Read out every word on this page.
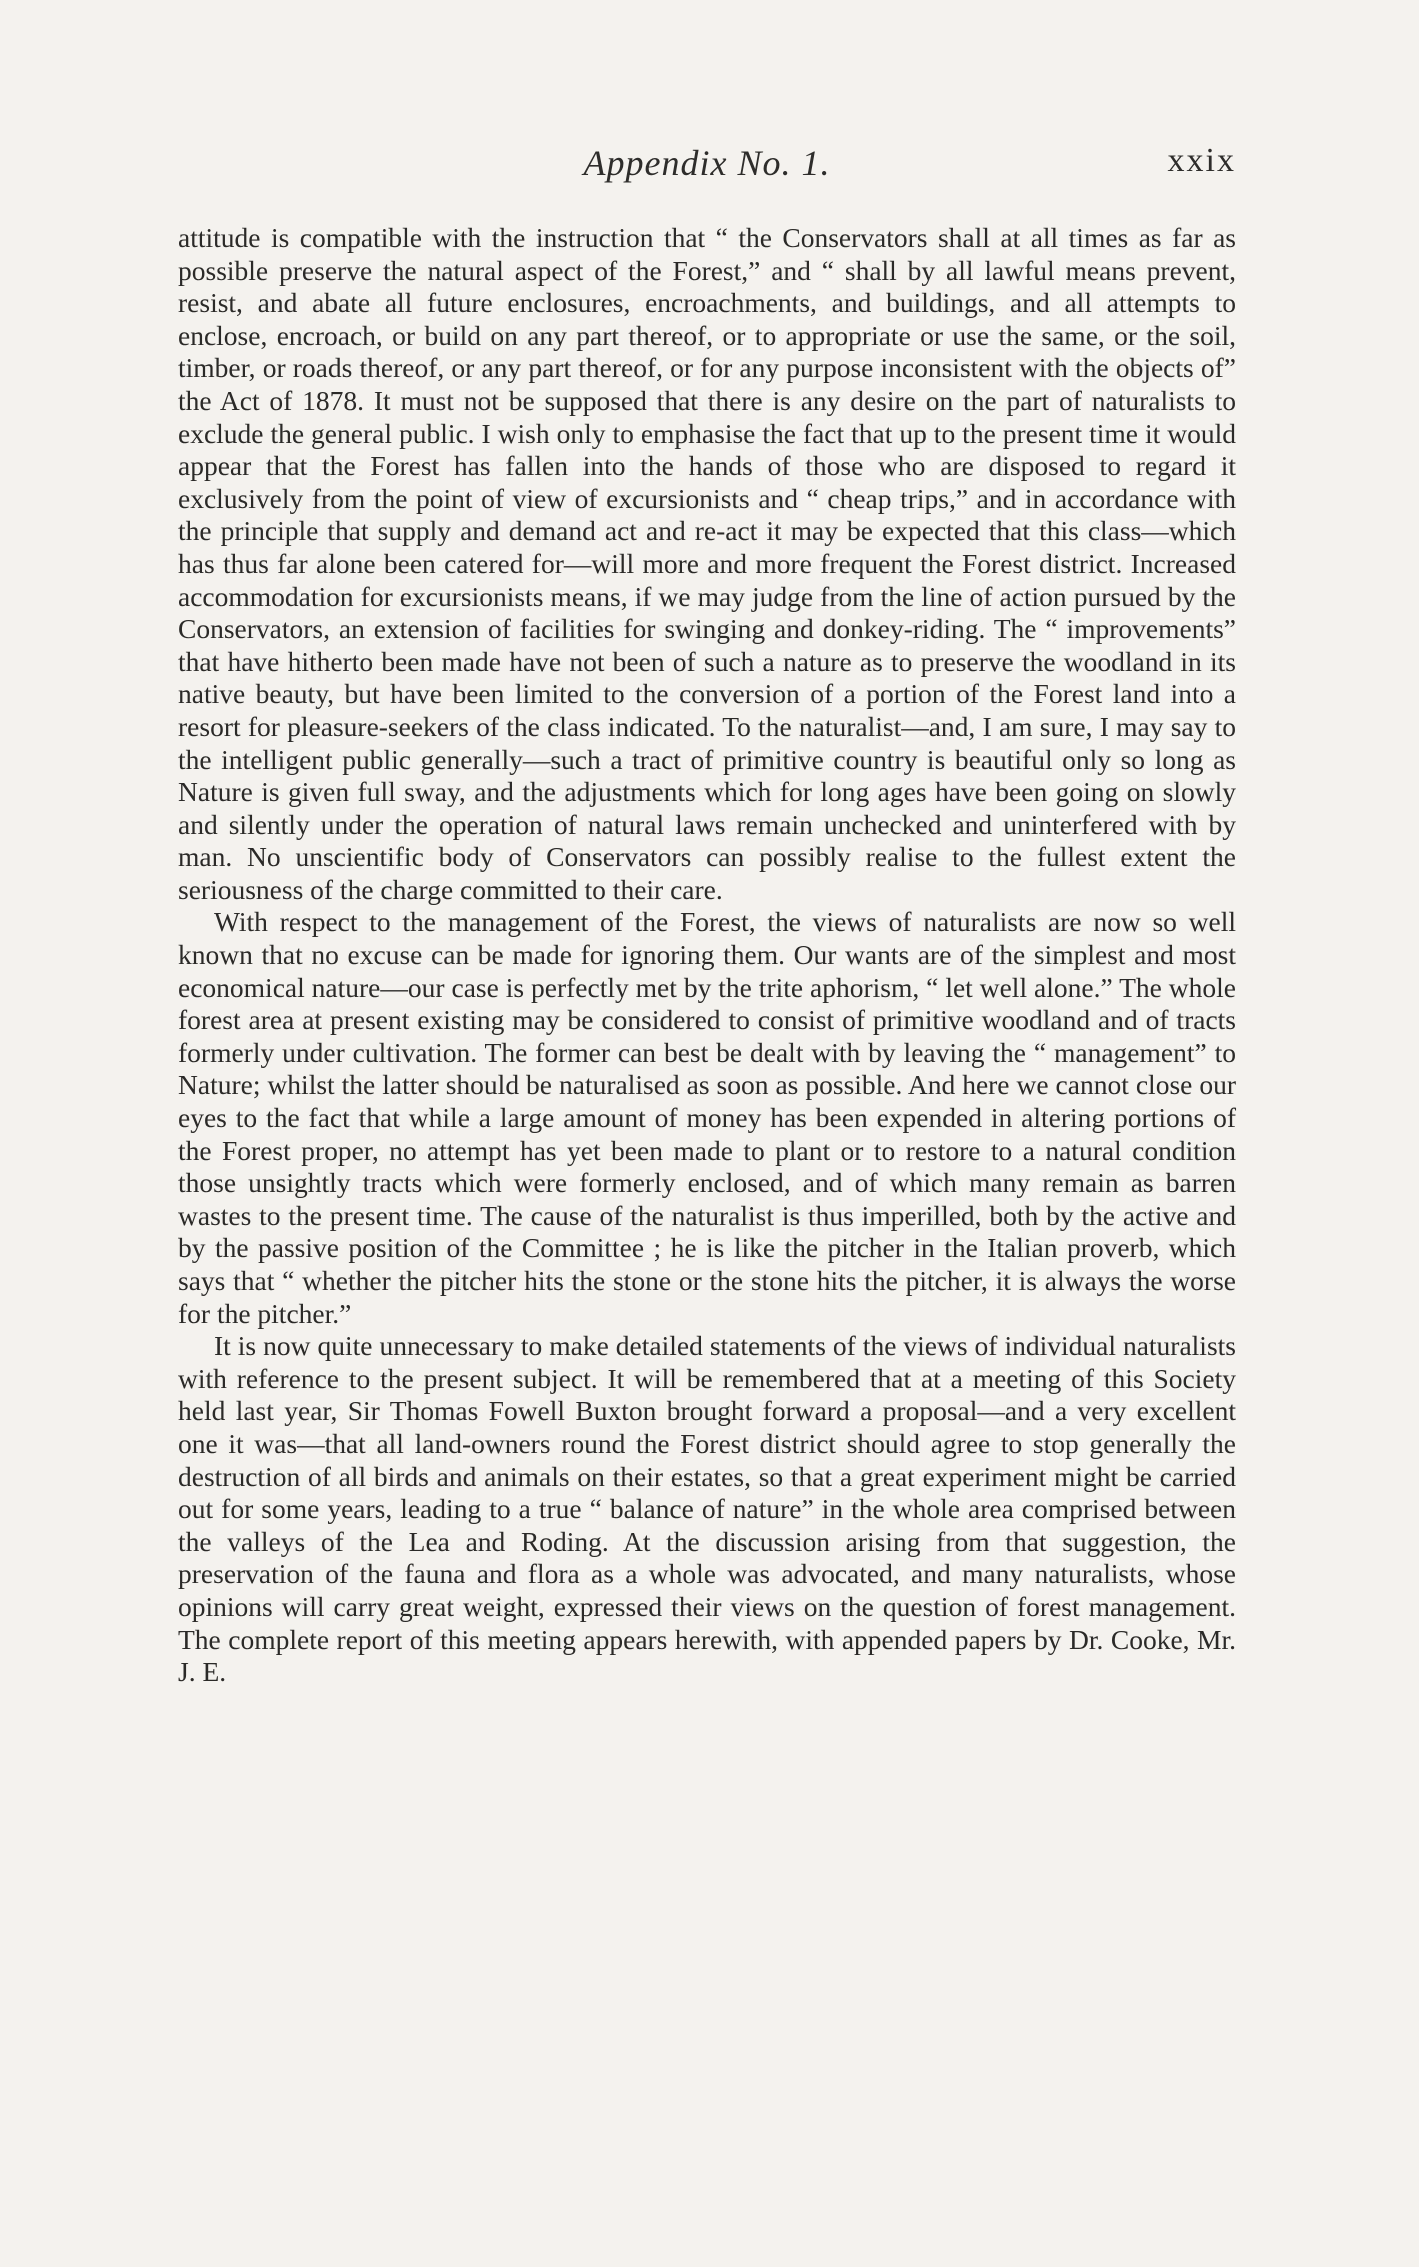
Appendix No. 1.	xxix

attitude is compatible with the instruction that “ the Conservators shall at all times as far as possible preserve the natural aspect of the Forest,” and “ shall by all lawful means prevent, resist, and abate all future enclosures, encroachments, and buildings, and all attempts to enclose, encroach, or build on any part thereof, or to appropriate or use the same, or the soil, timber, or roads thereof, or any part thereof, or for any purpose inconsistent with the objects of” the Act of 1878. It must not be supposed that there is any desire on the part of naturalists to exclude the general public. I wish only to emphasise the fact that up to the present time it would appear that the Forest has fallen into the hands of those who are disposed to regard it exclusively from the point of view of excursionists and “ cheap trips,” and in accordance with the principle that supply and demand act and re-act it may be expected that this class—which has thus far alone been catered for—will more and more frequent the Forest district. Increased accommodation for excursionists means, if we may judge from the line of action pursued by the Conservators, an extension of facilities for swinging and donkey-riding. The “ improvements” that have hitherto been made have not been of such a nature as to preserve the woodland in its native beauty, but have been limited to the conversion of a portion of the Forest land into a resort for pleasure-seekers of the class indicated. To the naturalist—and, I am sure, I may say to the intelligent public generally—such a tract of primitive country is beautiful only so long as Nature is given full sway, and the adjustments which for long ages have been going on slowly and silently under the operation of natural laws remain unchecked and uninterfered with by man. No unscientific body of Conservators can possibly realise to the fullest extent the seriousness of the charge committed to their care.

With respect to the management of the Forest, the views of naturalists are now so well known that no excuse can be made for ignoring them. Our wants are of the simplest and most economical nature—our case is perfectly met by the trite aphorism, “ let well alone.” The whole forest area at present existing may be considered to consist of primitive woodland and of tracts formerly under cultivation. The former can best be dealt with by leaving the “ management” to Nature; whilst the latter should be naturalised as soon as possible. And here we cannot close our eyes to the fact that while a large amount of money has been expended in altering portions of the Forest proper, no attempt has yet been made to plant or to restore to a natural condition those unsightly tracts which were formerly enclosed, and of which many remain as barren wastes to the present time. The cause of the naturalist is thus imperilled, both by the active and by the passive position of the Committee ; he is like the pitcher in the Italian proverb, which says that “ whether the pitcher hits the stone or the stone hits the pitcher, it is always the worse for the pitcher.”

It is now quite unnecessary to make detailed statements of the views of individual naturalists with reference to the present subject. It will be remembered that at a meeting of this Society held last year, Sir Thomas Fowell Buxton brought forward a proposal—and a very excellent one it was—that all land-owners round the Forest district should agree to stop generally the destruction of all birds and animals on their estates, so that a great experiment might be carried out for some years, leading to a true “ balance of nature” in the whole area comprised between the valleys of the Lea and Roding. At the discussion arising from that suggestion, the preservation of the fauna and flora as a whole was advocated, and many naturalists, whose opinions will carry great weight, expressed their views on the question of forest management. The complete report of this meeting appears herewith, with appended papers by Dr. Cooke, Mr. J. E.
